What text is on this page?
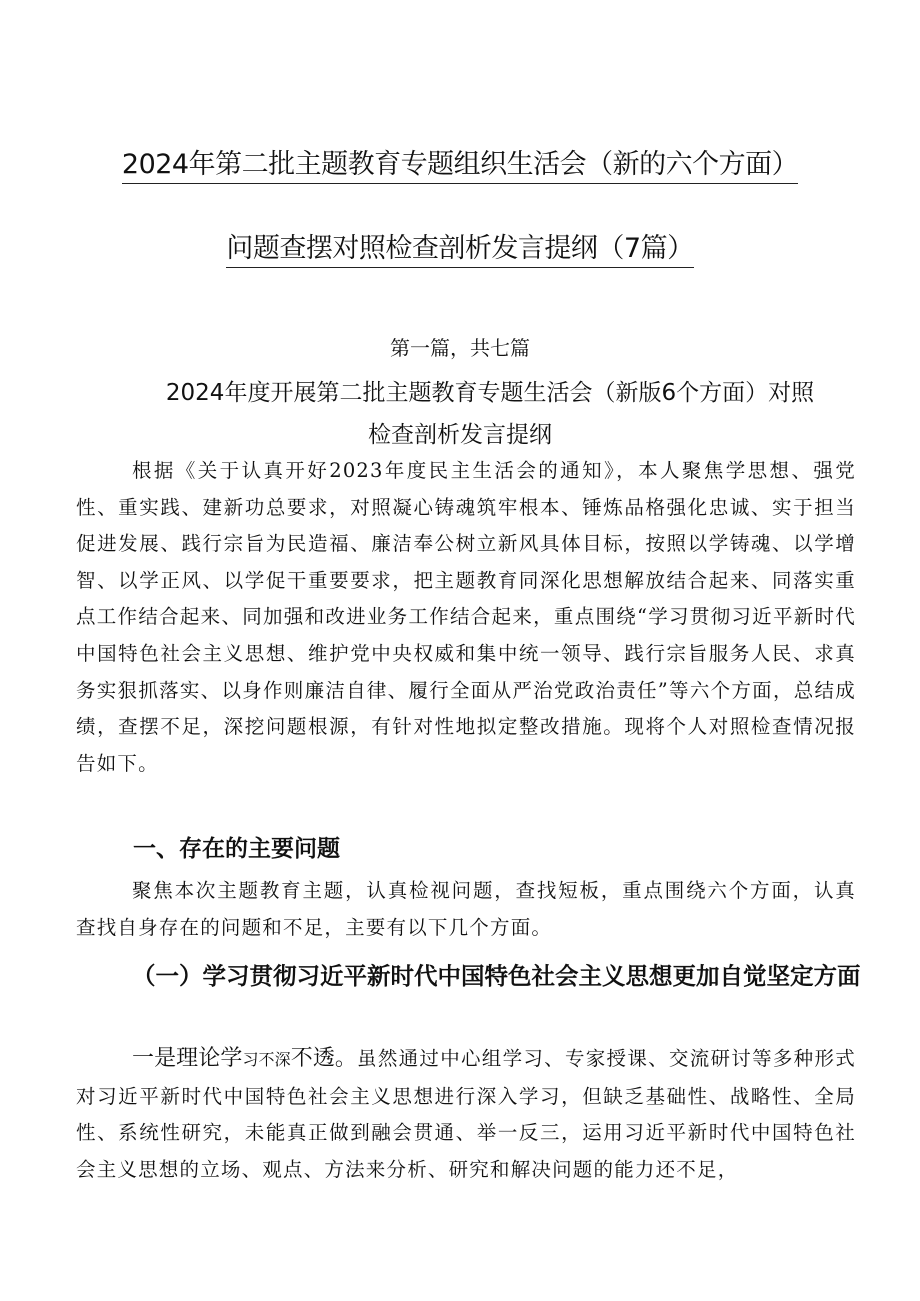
2024年第二批主题教育专题组织生活会（新的六个方面）
问题查摆对照检查剖析发言提纲（7篇）
第一篇，共七篇
2024年度开展第二批主题教育专题生活会（新版6个方面）对照
检查剖析发言提纲

根据《关于认真开好2023年度民主生活会的通知》，本人聚焦学思想、强党性、重实践、建新功总要求，对照凝心铸魂筑牢根本、锤炼品格强化忠诚、实于担当促进发展、践行宗旨为民造福、廉洁奉公树立新风具体目标，按照以学铸魂、以学增智、以学正风、以学促干重要要求，把主题教育同深化思想解放结合起来、同落实重点工作结合起来、同加强和改进业务工作结合起来，重点围绕“学习贯彻习近平新时代中国特色社会主义思想、维护党中央权威和集中统一领导、践行宗旨服务人民、求真务实狠抓落实、以身作则廉洁自律、履行全面从严治党政治责任”等六个方面，总结成绩，查摆不足，深挖问题根源，有针对性地拟定整改措施。现将个人对照检查情况报告如下。

一、存在的主要问题

聚焦本次主题教育主题，认真检视问题，查找短板，重点围绕六个方面，认真查找自身存在的问题和不足，主要有以下几个方面。

（一）学习贯彻习近平新时代中国特色社会主义思想更加自觉坚定方面

一是理论学习不深不透。虽然通过中心组学习、专家授课、交流研讨等多种形式对习近平新时代中国特色社会主义思想进行深入学习，但缺乏基础性、战略性、全局性、系统性研究，未能真正做到融会贯通、举一反三，运用习近平新时代中国特色社会主义思想的立场、观点、方法来分析、研究和解决问题的能力还不足，
